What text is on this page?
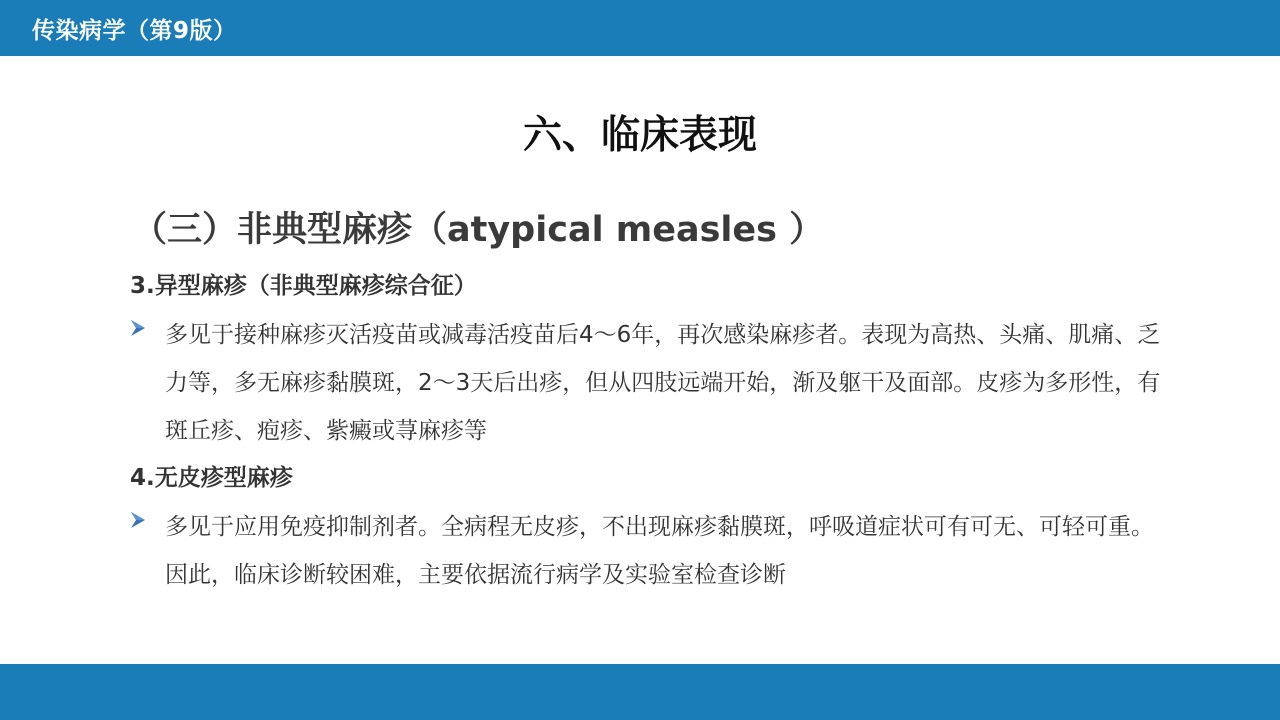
传染病学（第9版）
六、临床表现
（三）非典型麻疹（atypical measles ）
3.异型麻疹（非典型麻疹综合征）
多见于接种麻疹灭活疫苗或减毒活疫苗后4～6年，再次感染麻疹者。表现为高热、头痛、肌痛、乏力等，多无麻疹黏膜斑，2～3天后出疹，但从四肢远端开始，渐及躯干及面部。皮疹为多形性，有斑丘疹、疱疹、紫癜或荨麻疹等
4.无皮疹型麻疹
多见于应用免疫抑制剂者。全病程无皮疹，不出现麻疹黏膜斑，呼吸道症状可有可无、可轻可重。因此，临床诊断较困难，主要依据流行病学及实验室检查诊断
